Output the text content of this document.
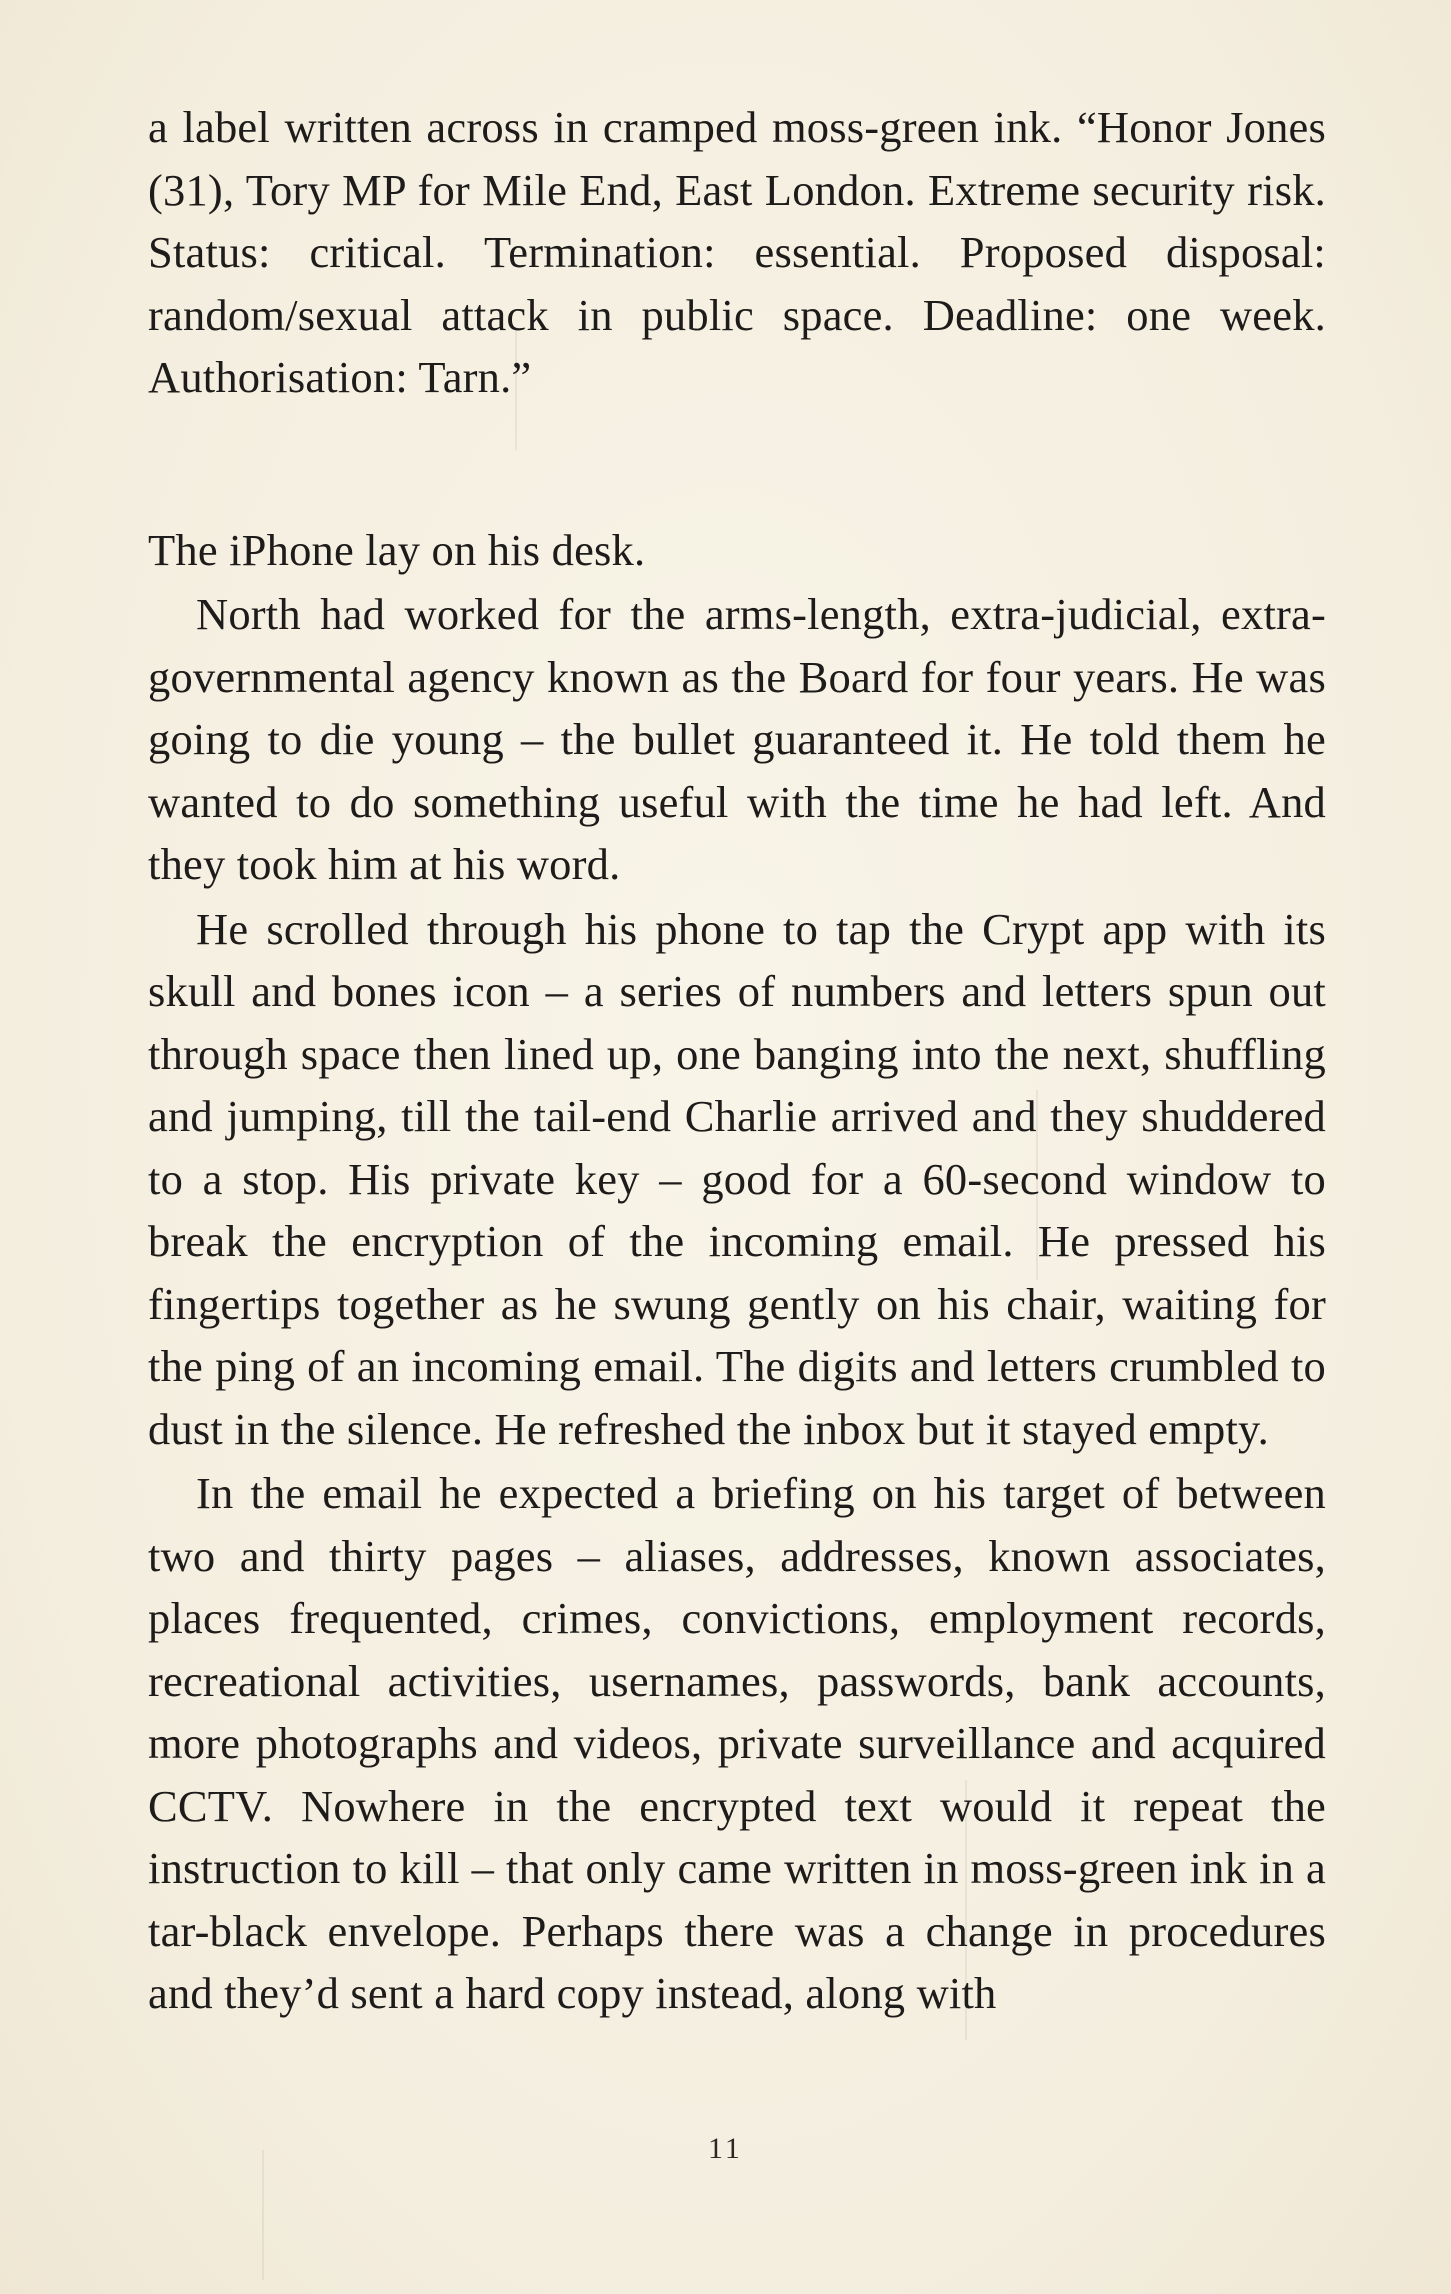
a label written across in cramped moss-green ink. “Honor Jones (31), Tory MP for Mile End, East London. Extreme security risk. Status: critical. Termination: essential. Proposed disposal: random/sexual attack in public space. Deadline: one week. Authorisation: Tarn.”

The iPhone lay on his desk.

North had worked for the arms-length, extra-judicial, extra-governmental agency known as the Board for four years. He was going to die young – the bullet guaranteed it. He told them he wanted to do something useful with the time he had left. And they took him at his word.

He scrolled through his phone to tap the Crypt app with its skull and bones icon – a series of numbers and letters spun out through space then lined up, one banging into the next, shuffling and jumping, till the tail-end Charlie arrived and they shuddered to a stop. His private key – good for a 60-second window to break the encryption of the incoming email. He pressed his fingertips together as he swung gently on his chair, waiting for the ping of an incoming email. The digits and letters crumbled to dust in the silence. He refreshed the inbox but it stayed empty.

In the email he expected a briefing on his target of between two and thirty pages – aliases, addresses, known associates, places frequented, crimes, convictions, employment records, recreational activities, usernames, passwords, bank accounts, more photographs and videos, private surveillance and acquired CCTV. Nowhere in the encrypted text would it repeat the instruction to kill – that only came written in moss-green ink in a tar-black envelope. Perhaps there was a change in procedures and they’d sent a hard copy instead, along with

11
